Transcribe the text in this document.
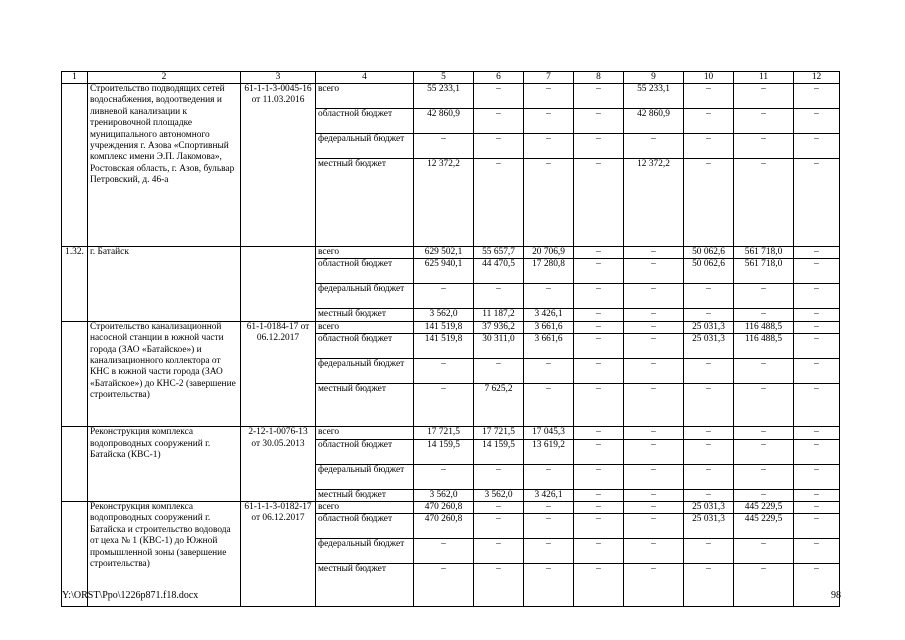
1	2	3	4	5	6	7	8	9	10	11	12
	Строительство подводящих сетей водоснабжения, водоотведения и ливневой канализации к тренировочной площадке муниципального автономного учреждения г. Азова «Спортивный комплекс имени Э.П. Лакомова», Ростовская область, г. Азов, бульвар Петровский, д. 46-а	61-1-1-3-0045-16 от 11.03.2016	всего	55 233,1	–	–	–	55 233,1	–	–	–
			областной бюджет	42 860,9	–	–	–	42 860,9	–	–	–
			федеральный бюджет	–	–	–	–	–	–	–	–
			местный бюджет	12 372,2	–	–	–	12 372,2	–	–	–
1.32.	г. Батайск		всего	629 502,1	55 657,7	20 706,9	–	–	50 062,6	561 718,0	–
			областной бюджет	625 940,1	44 470,5	17 280,8	–	–	50 062,6	561 718,0	–
			федеральный бюджет	–	–	–	–	–	–	–	–
			местный бюджет	3 562,0	11 187,2	3 426,1	–	–	–	–	–
	Строительство канализационной насосной станции в южной части города (ЗАО «Батайское») и канализационного коллектора от КНС в южной части города (ЗАО «Батайское») до КНС-2 (завершение строительства)	61-1-0184-17 от 06.12.2017	всего	141 519,8	37 936,2	3 661,6	–	–	25 031,3	116 488,5	–
			областной бюджет	141 519,8	30 311,0	3 661,6	–	–	25 031,3	116 488,5	–
			федеральный бюджет	–	–	–	–	–	–	–	–
			местный бюджет	–	7 625,2	–	–	–	–	–	–
	Реконструкция комплекса водопроводных сооружений г. Батайска (КВС-1)	2-12-1-0076-13 от 30.05.2013	всего	17 721,5	17 721,5	17 045,3	–	–	–	–	–
			областной бюджет	14 159,5	14 159,5	13 619,2	–	–	–	–	–
			федеральный бюджет	–	–	–	–	–	–	–	–
			местный бюджет	3 562,0	3 562,0	3 426,1	–	–	–	–	–
	Реконструкция комплекса водопроводных сооружений г. Батайска и строительство водовода от цеха № 1 (КВС-1) до Южной промышленной зоны (завершение строительства)	61-1-1-3-0182-17 от 06.12.2017	всего	470 260,8	–	–	–	–	25 031,3	445 229,5	–
			областной бюджет	470 260,8	–	–	–	–	25 031,3	445 229,5	–
			федеральный бюджет	–	–	–	–	–	–	–	–
			местный бюджет	–	–	–	–	–	–	–	–
Y:\ORST\Ppo\1226p871.f18.docx	98
